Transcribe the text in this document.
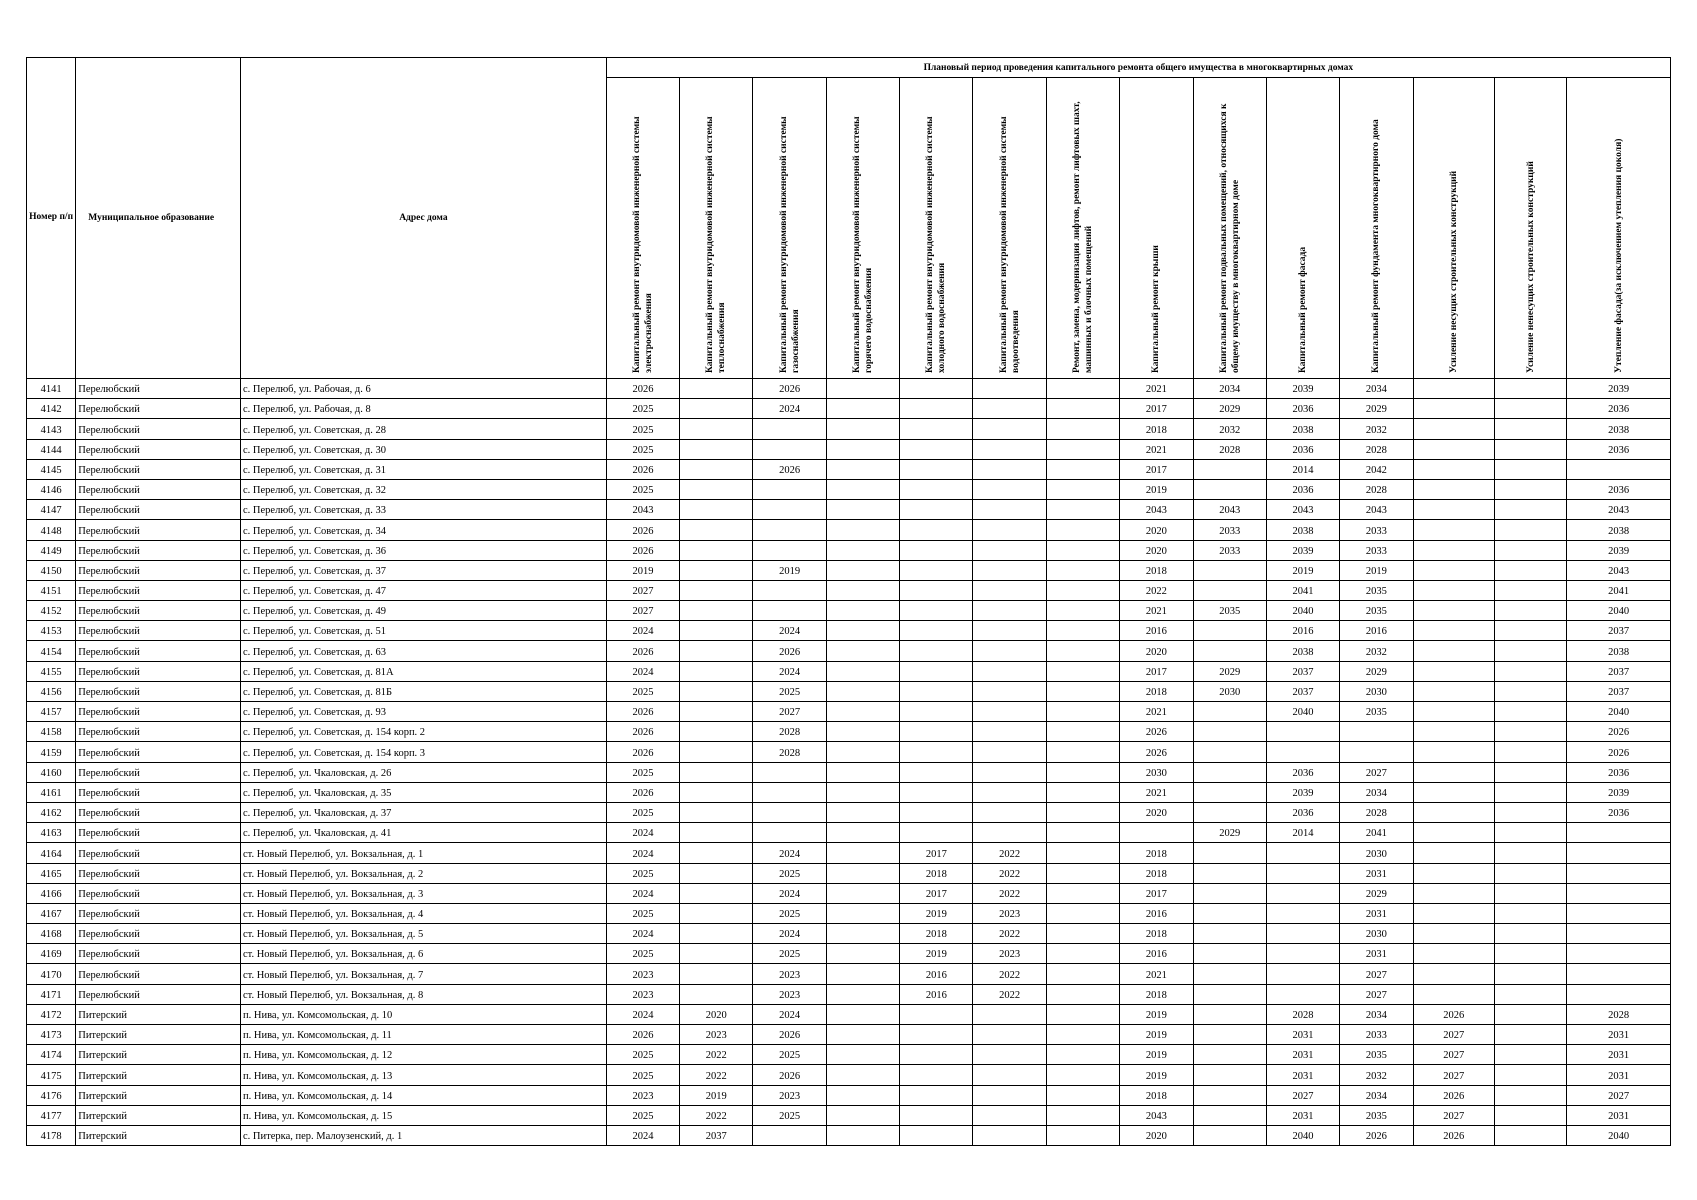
Номер п/п	Муниципальное образование	Адрес дома	Плановый период проведения капитального ремонта общего имущества в многоквартирных домах													

			Капитальный ремонт внутридомовой инженерной системы электроснабжения	Капитальный ремонт внутридомовой инженерной системы теплоснабжения	Капитальный ремонт внутридомовой инженерной системы газоснабжения	Капитальный ремонт внутридомовой инженерной системы горячего водоснабжения	Капитальный ремонт внутридомовой инженерной системы холодного водоснабжения	Капитальный ремонт внутридомовой инженерной системы водоотведения	Ремонт, замена, модернизация лифтов, ремонт лифтовых шахт, машинных и блочных помещений	Капитальный ремонт крыши	Капитальный ремонт подвальных помещений, относящихся к общему имуществу в многоквартирном доме	Капитальный ремонт фасада	Капитальный ремонт фундамента многоквартирного дома	Усиление несущих строительных конструкций	Усиление ненесущих строительных конструкций	Утепление фасада(за исключением утепления цоколя)

4141	Перелюбский	с. Перелюб, ул. Рабочая, д. 6	2026		2026					2021	2034	2039	2034			2039
4142	Перелюбский	с. Перелюб, ул. Рабочая, д. 8	2025		2024					2017	2029	2036	2029			2036
4143	Перелюбский	с. Перелюб, ул. Советская, д. 28	2025							2018	2032	2038	2032			2038
4144	Перелюбский	с. Перелюб, ул. Советская, д. 30	2025							2021	2028	2036	2028			2036
4145	Перелюбский	с. Перелюб, ул. Советская, д. 31	2026		2026					2017		2014	2042			
4146	Перелюбский	с. Перелюб, ул. Советская, д. 32	2025							2019		2036	2028			2036
4147	Перелюбский	с. Перелюб, ул. Советская, д. 33	2043							2043	2043	2043	2043			2043
4148	Перелюбский	с. Перелюб, ул. Советская, д. 34	2026							2020	2033	2038	2033			2038
4149	Перелюбский	с. Перелюб, ул. Советская, д. 36	2026							2020	2033	2039	2033			2039
4150	Перелюбский	с. Перелюб, ул. Советская, д. 37	2019		2019					2018		2019	2019			2043
4151	Перелюбский	с. Перелюб, ул. Советская, д. 47	2027							2022		2041	2035			2041
4152	Перелюбский	с. Перелюб, ул. Советская, д. 49	2027							2021	2035	2040	2035			2040
4153	Перелюбский	с. Перелюб, ул. Советская, д. 51	2024		2024					2016		2016	2016			2037
4154	Перелюбский	с. Перелюб, ул. Советская, д. 63	2026		2026					2020		2038	2032			2038
4155	Перелюбский	с. Перелюб, ул. Советская, д. 81А	2024		2024					2017	2029	2037	2029			2037
4156	Перелюбский	с. Перелюб, ул. Советская, д. 81Б	2025		2025					2018	2030	2037	2030			2037
4157	Перелюбский	с. Перелюб, ул. Советская, д. 93	2026		2027					2021		2040	2035			2040
4158	Перелюбский	с. Перелюб, ул. Советская, д. 154 корп. 2	2026		2028					2026						2026
4159	Перелюбский	с. Перелюб, ул. Советская, д. 154 корп. 3	2026		2028					2026						2026
4160	Перелюбский	с. Перелюб, ул. Чкаловская, д. 26	2025							2030		2036	2027			2036
4161	Перелюбский	с. Перелюб, ул. Чкаловская, д. 35	2026							2021		2039	2034			2039
4162	Перелюбский	с. Перелюб, ул. Чкаловская, д. 37	2025							2020		2036	2028			2036
4163	Перелюбский	с. Перелюб, ул. Чкаловская, д. 41	2024								2029	2014	2041			
4164	Перелюбский	ст. Новый Перелюб, ул. Вокзальная, д. 1	2024		2024		2017	2022		2018			2030			
4165	Перелюбский	ст. Новый Перелюб, ул. Вокзальная, д. 2	2025		2025		2018	2022		2018			2031			
4166	Перелюбский	ст. Новый Перелюб, ул. Вокзальная, д. 3	2024		2024		2017	2022		2017			2029			
4167	Перелюбский	ст. Новый Перелюб, ул. Вокзальная, д. 4	2025		2025		2019	2023		2016			2031			
4168	Перелюбский	ст. Новый Перелюб, ул. Вокзальная, д. 5	2024		2024		2018	2022		2018			2030			
4169	Перелюбский	ст. Новый Перелюб, ул. Вокзальная, д. 6	2025		2025		2019	2023		2016			2031			
4170	Перелюбский	ст. Новый Перелюб, ул. Вокзальная, д. 7	2023		2023		2016	2022		2021			2027			
4171	Перелюбский	ст. Новый Перелюб, ул. Вокзальная, д. 8	2023		2023		2016	2022		2018			2027			
4172	Питерский	п. Нива, ул. Комсомольская, д. 10	2024	2020	2024					2019		2028	2034	2026		2028
4173	Питерский	п. Нива, ул. Комсомольская, д. 11	2026	2023	2026					2019		2031	2033	2027		2031
4174	Питерский	п. Нива, ул. Комсомольская, д. 12	2025	2022	2025					2019		2031	2035	2027		2031
4175	Питерский	п. Нива, ул. Комсомольская, д. 13	2025	2022	2026					2019		2031	2032	2027		2031
4176	Питерский	п. Нива, ул. Комсомольская, д. 14	2023	2019	2023					2018		2027	2034	2026		2027
4177	Питерский	п. Нива, ул. Комсомольская, д. 15	2025	2022	2025					2043		2031	2035	2027		2031
4178	Питерский	с. Питерка, пер. Малоузенский, д. 1	2024	2037						2020		2040	2026	2026		2040
